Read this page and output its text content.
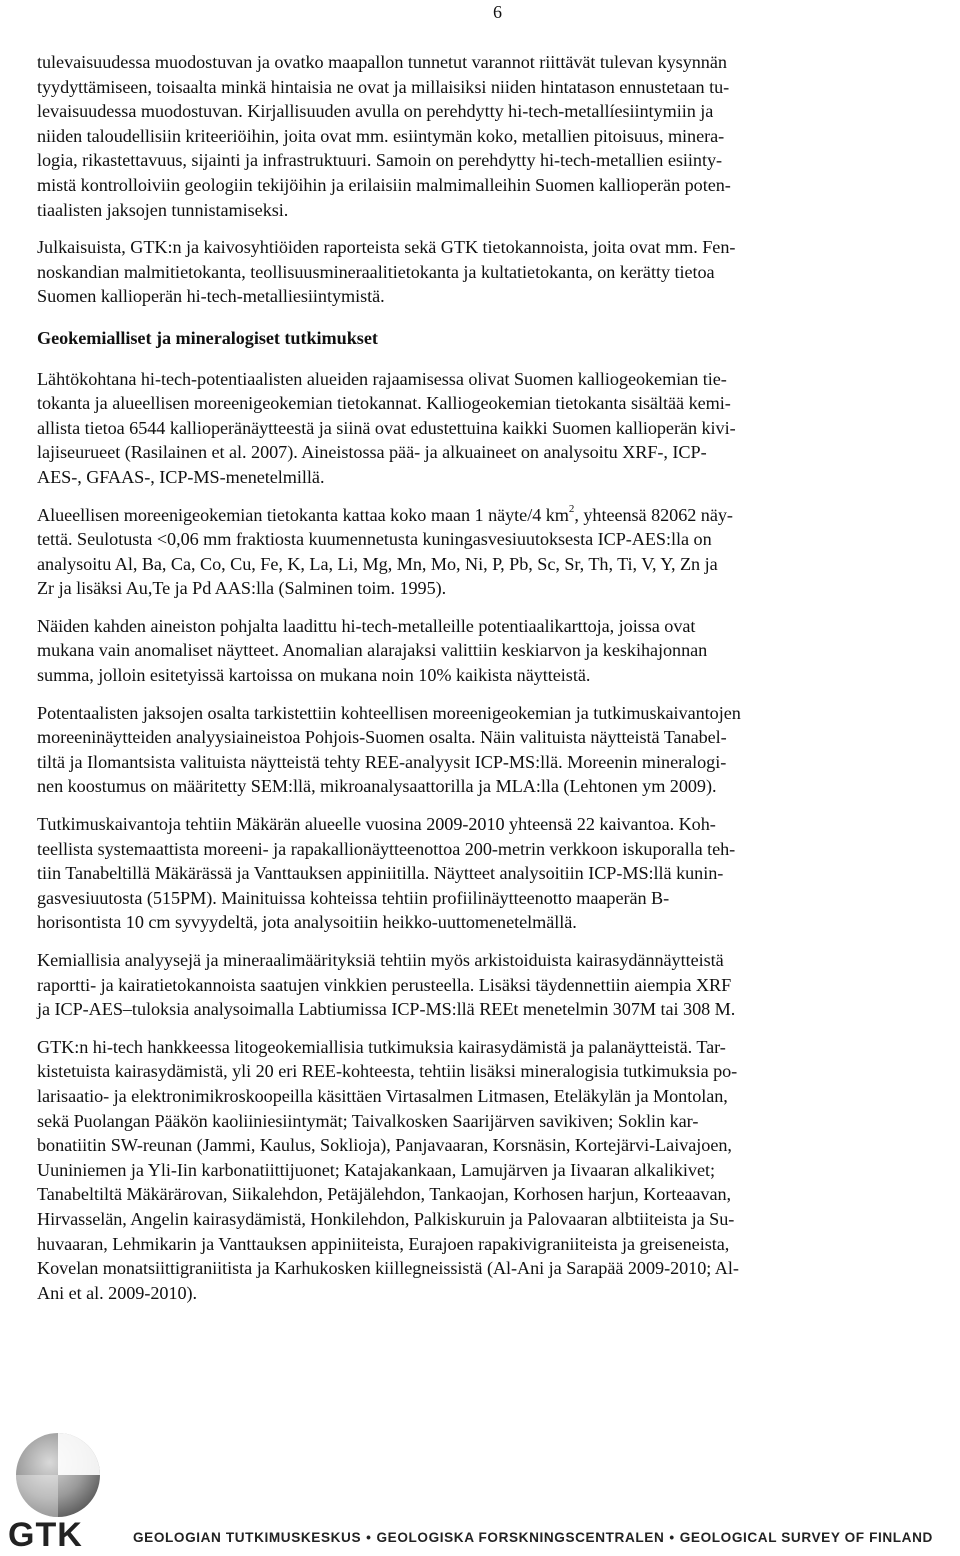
6
tulevaisuudessa muodostuvan ja ovatko maapallon tunnetut varannot riittävät tulevan kysynnän
tyydyttämiseen, toisaalta minkä hintaisia ne ovat ja millaisiksi niiden hintatason ennustetaan tu-
levaisuudessa muodostuvan. Kirjallisuuden avulla on perehdytty hi-tech-metallíesiintymiin ja
niiden taloudellisiin kriteeriöihin, joita ovat mm. esiintymän koko, metallien pitoisuus, minera-
logia, rikastettavuus, sijainti ja infrastruktuuri. Samoin on perehdytty hi-tech-metallien esiinty-
mistä kontrolloiviin geologiin tekijöihin ja erilaisiin malmimalleihin Suomen kallioperän poten-
tiaalisten jaksojen tunnistamiseksi.
Julkaisuista, GTK:n ja kaivosyhtiöiden raporteista sekä GTK tietokannoista, joita ovat mm. Fen-
noskandian malmitietokanta, teollisuusmineraalitietokanta ja kultatietokanta, on kerätty tietoa
Suomen kallioperän hi-tech-metalliesiintymistä.
Geokemialliset ja mineralogiset tutkimukset
Lähtökohtana hi-tech-potentiaalisten alueiden rajaamisessa olivat Suomen kalliogeokemian tie-
tokanta ja alueellisen moreenigeokemian tietokannat. Kalliogeokemian tietokanta sisältää kemi-
allista tietoa 6544 kallioperänäytteestä ja siinä ovat edustettuina kaikki Suomen kallioperän kivi-
lajiseurueet (Rasilainen et al. 2007). Aineistossa pää- ja alkuaineet on analysoitu XRF-, ICP-
AES-, GFAAS-, ICP-MS-menetelmillä.
Alueellisen moreenigeokemian tietokanta kattaa koko maan 1 näyte/4 $km^2$, yhteensä 82062 näy-
tettä. Seulotusta <0,06 mm fraktiosta kuumennetusta kuningasvesiuutoksesta ICP-AES:lla on
analysoitu Al, Ba, Ca, Co, Cu, Fe, K, La, Li, Mg, Mn, Mo, Ni, P, Pb, Sc, Sr, Th, Ti, V, Y, Zn ja
Zr ja lisäksi Au,Te ja Pd AAS:lla (Salminen toim. 1995).
Näiden kahden aineiston pohjalta laadittu hi-tech-metalleille potentiaalikarttoja, joissa ovat
mukana vain anomaliset näytteet. Anomalian alarajaksi valittiin keskiarvon ja keskihajonnan
summa, jolloin esitetyissä kartoissa on mukana noin 10% kaikista näytteistä.
Potentaalisten jaksojen osalta tarkistettiin kohteellisen moreenigeokemian ja tutkimuskaivantojen
moreeninäytteiden analyysiaineistoa Pohjois-Suomen osalta. Näin valituista näytteistä Tanabel-
tiltä ja Ilomantsista valituista näytteistä tehty REE-analyysit ICP-MS:llä. Moreenin mineralogi-
nen koostumus on määritetty SEM:llä, mikroanalysaattorilla ja MLA:lla (Lehtonen ym 2009).
Tutkimuskaivantoja tehtiin Mäkärän alueelle vuosina 2009-2010 yhteensä 22 kaivantoa. Koh-
teellista systemaattista moreeni- ja rapakallionäytteenottoa 200-metrin verkkoon iskuporalla teh-
tiin Tanabeltillä Mäkärässä ja Vanttauksen appiniitilla. Näytteet analysoitiin ICP-MS:llä kunin-
gasvesiuutosta (515PM). Mainituissa kohteissa tehtiin profiilinäytteenotto maaperän B-
horisontista 10 cm syvyydeltä, jota analysoitiin heikko-uuttomenetelmällä.
Kemiallisia analyysejä ja mineraalimäärityksiä tehtiin myös arkistoiduista kairasydännäytteistä
raportti- ja kairatietokannoista saatujen vinkkien perusteella. Lisäksi täydennettiin aiempia XRF
ja ICP-AES–tuloksia analysoimalla Labtiumissa ICP-MS:llä REEt menetelmin 307M tai 308 M.
GTK:n hi-tech hankkeessa litogeokemiallisia tutkimuksia kairasydämistä ja palanäytteistä. Tar-
kistetuista kairasydämistä, yli 20 eri REE-kohteesta, tehtiin lisäksi mineralogisia tutkimuksia po-
larisaatio- ja elektronimikroskoopeilla käsittäen Virtasalmen Litmasen, Eteläkylän ja Montolan,
sekä Puolangan Pääkön kaoliiniesiintymät; Taivalkosken Saarijärven savikiven; Soklin kar-
bonatiitin SW-reunan (Jammi, Kaulus, Soklioja), Panjavaaran, Korsnäsin, Kortejärvi-Laivajoen,
Uuniniemen ja Yli-Iin karbonatiittijuonet; Katajakankaan, Lamujärven ja Iivaaran alkalikivet;
Tanabeltiltä Mäkärärovan, Siikalehdon, Petäjälehdon, Tankaojan, Korhosen harjun, Korteaavan,
Hirvasselän, Angelin kairasydämistä, Honkilehdon, Palkiskuruin ja Palovaaran albtiiteista ja Su-
huvaaran, Lehmikarin ja Vanttauksen appiniiteista, Eurajoen rapakivigraniiteista ja greiseneista,
Kovelan monatsiittigraniitista ja Karhukosken kiillegneissistä (Al-Ani ja Sarapää 2009-2010; Al-
Ani et al. 2009-2010).
GTK	GEOLOGIAN TUTKIMUSKESKUS • GEOLOGISKA FORSKNINGSCENTRALEN • GEOLOGICAL SURVEY OF FINLAND
